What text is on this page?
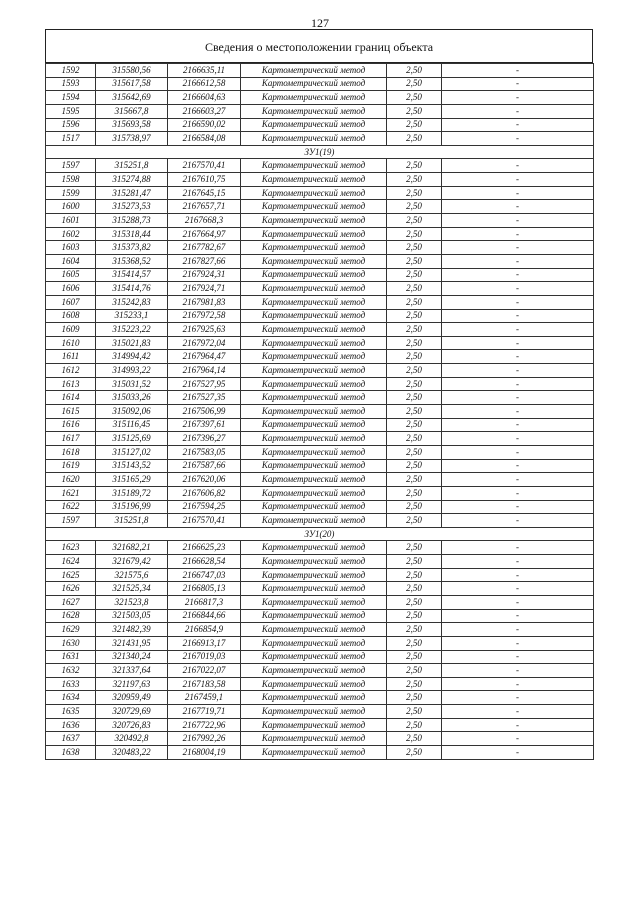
127
Сведения о местоположении границ объекта
1592	315580,56	2166635,11	Картометрический метод	2,50	-
1593	315617,58	2166612,58	Картометрический метод	2,50	-
1594	315642,69	2166604,63	Картометрический метод	2,50	-
1595	315667,8	2166603,27	Картометрический метод	2,50	-
1596	315693,58	2166590,02	Картометрический метод	2,50	-
1517	315738,97	2166584,08	Картометрический метод	2,50	-
ЗУ1(19)					
1597	315251,8	2167570,41	Картометрический метод	2,50	-
1598	315274,88	2167610,75	Картометрический метод	2,50	-
1599	315281,47	2167645,15	Картометрический метод	2,50	-
1600	315273,53	2167657,71	Картометрический метод	2,50	-
1601	315288,73	2167668,3	Картометрический метод	2,50	-
1602	315318,44	2167664,97	Картометрический метод	2,50	-
1603	315373,82	2167782,67	Картометрический метод	2,50	-
1604	315368,52	2167827,66	Картометрический метод	2,50	-
1605	315414,57	2167924,31	Картометрический метод	2,50	-
1606	315414,76	2167924,71	Картометрический метод	2,50	-
1607	315242,83	2167981,83	Картометрический метод	2,50	-
1608	315233,1	2167972,58	Картометрический метод	2,50	-
1609	315223,22	2167925,63	Картометрический метод	2,50	-
1610	315021,83	2167972,04	Картометрический метод	2,50	-
1611	314994,42	2167964,47	Картометрический метод	2,50	-
1612	314993,22	2167964,14	Картометрический метод	2,50	-
1613	315031,52	2167527,95	Картометрический метод	2,50	-
1614	315033,26	2167527,35	Картометрический метод	2,50	-
1615	315092,06	2167506,99	Картометрический метод	2,50	-
1616	315116,45	2167397,61	Картометрический метод	2,50	-
1617	315125,69	2167396,27	Картометрический метод	2,50	-
1618	315127,02	2167583,05	Картометрический метод	2,50	-
1619	315143,52	2167587,66	Картометрический метод	2,50	-
1620	315165,29	2167620,06	Картометрический метод	2,50	-
1621	315189,72	2167606,82	Картометрический метод	2,50	-
1622	315196,99	2167594,25	Картометрический метод	2,50	-
1597	315251,8	2167570,41	Картометрический метод	2,50	-
ЗУ1(20)					
1623	321682,21	2166625,23	Картометрический метод	2,50	-
1624	321679,42	2166628,54	Картометрический метод	2,50	-
1625	321575,6	2166747,03	Картометрический метод	2,50	-
1626	321525,34	2166805,13	Картометрический метод	2,50	-
1627	321523,8	2166817,3	Картометрический метод	2,50	-
1628	321503,05	2166844,66	Картометрический метод	2,50	-
1629	321482,39	2166854,9	Картометрический метод	2,50	-
1630	321431,95	2166913,17	Картометрический метод	2,50	-
1631	321340,24	2167019,03	Картометрический метод	2,50	-
1632	321337,64	2167022,07	Картометрический метод	2,50	-
1633	321197,63	2167183,58	Картометрический метод	2,50	-
1634	320959,49	2167459,1	Картометрический метод	2,50	-
1635	320729,69	2167719,71	Картометрический метод	2,50	-
1636	320726,83	2167722,96	Картометрический метод	2,50	-
1637	320492,8	2167992,26	Картометрический метод	2,50	-
1638	320483,22	2168004,19	Картометрический метод	2,50	-
